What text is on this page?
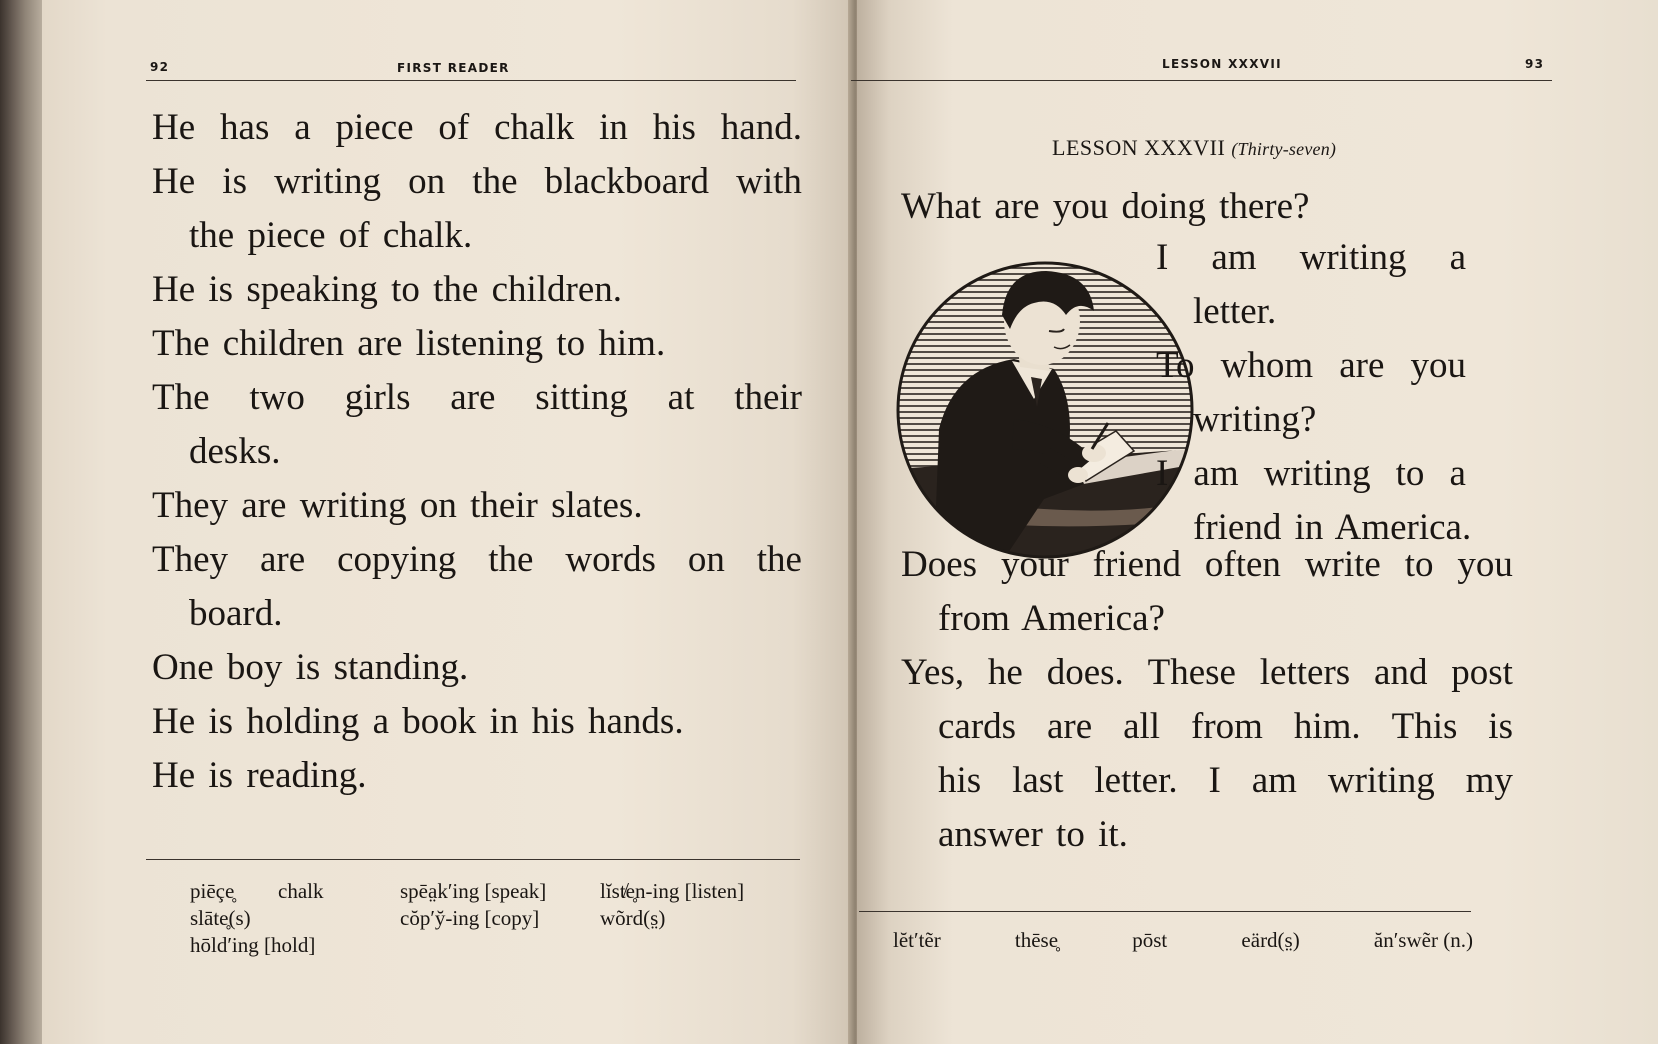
92	FIRST READER
He has a piece of chalk in his hand.
He is writing on the blackboard with
the piece of chalk.
He is speaking to the children.
The children are listening to him.
The two girls are sitting at their
desks.
They are writing on their slates.
They are copying the words on the
board.
One boy is standing.
He is holding a book in his hands.
He is reading.
piēçe̥ chalk	spēa̤k′ing [speak]	lĭst̸e̥n-ing [listen]
slāte̥(s)	cŏp′y̆-ing [copy]	wõrd(s̤)
hōld′ing [hold]
LESSON XXXVII	93
LESSON XXXVII (Thirty-seven)
What are you doing there?
I am writing a
letter.
To whom are you
writing?
I am writing to a
friend in America.
Does your friend often write to you
from America?
Yes, he does. These letters and post
cards are all from him. This is
his last letter. I am writing my
answer to it.
lĕt′tẽr	thēse̥	pōst	eärd(s̤)	ăn′swẽr (n.)
